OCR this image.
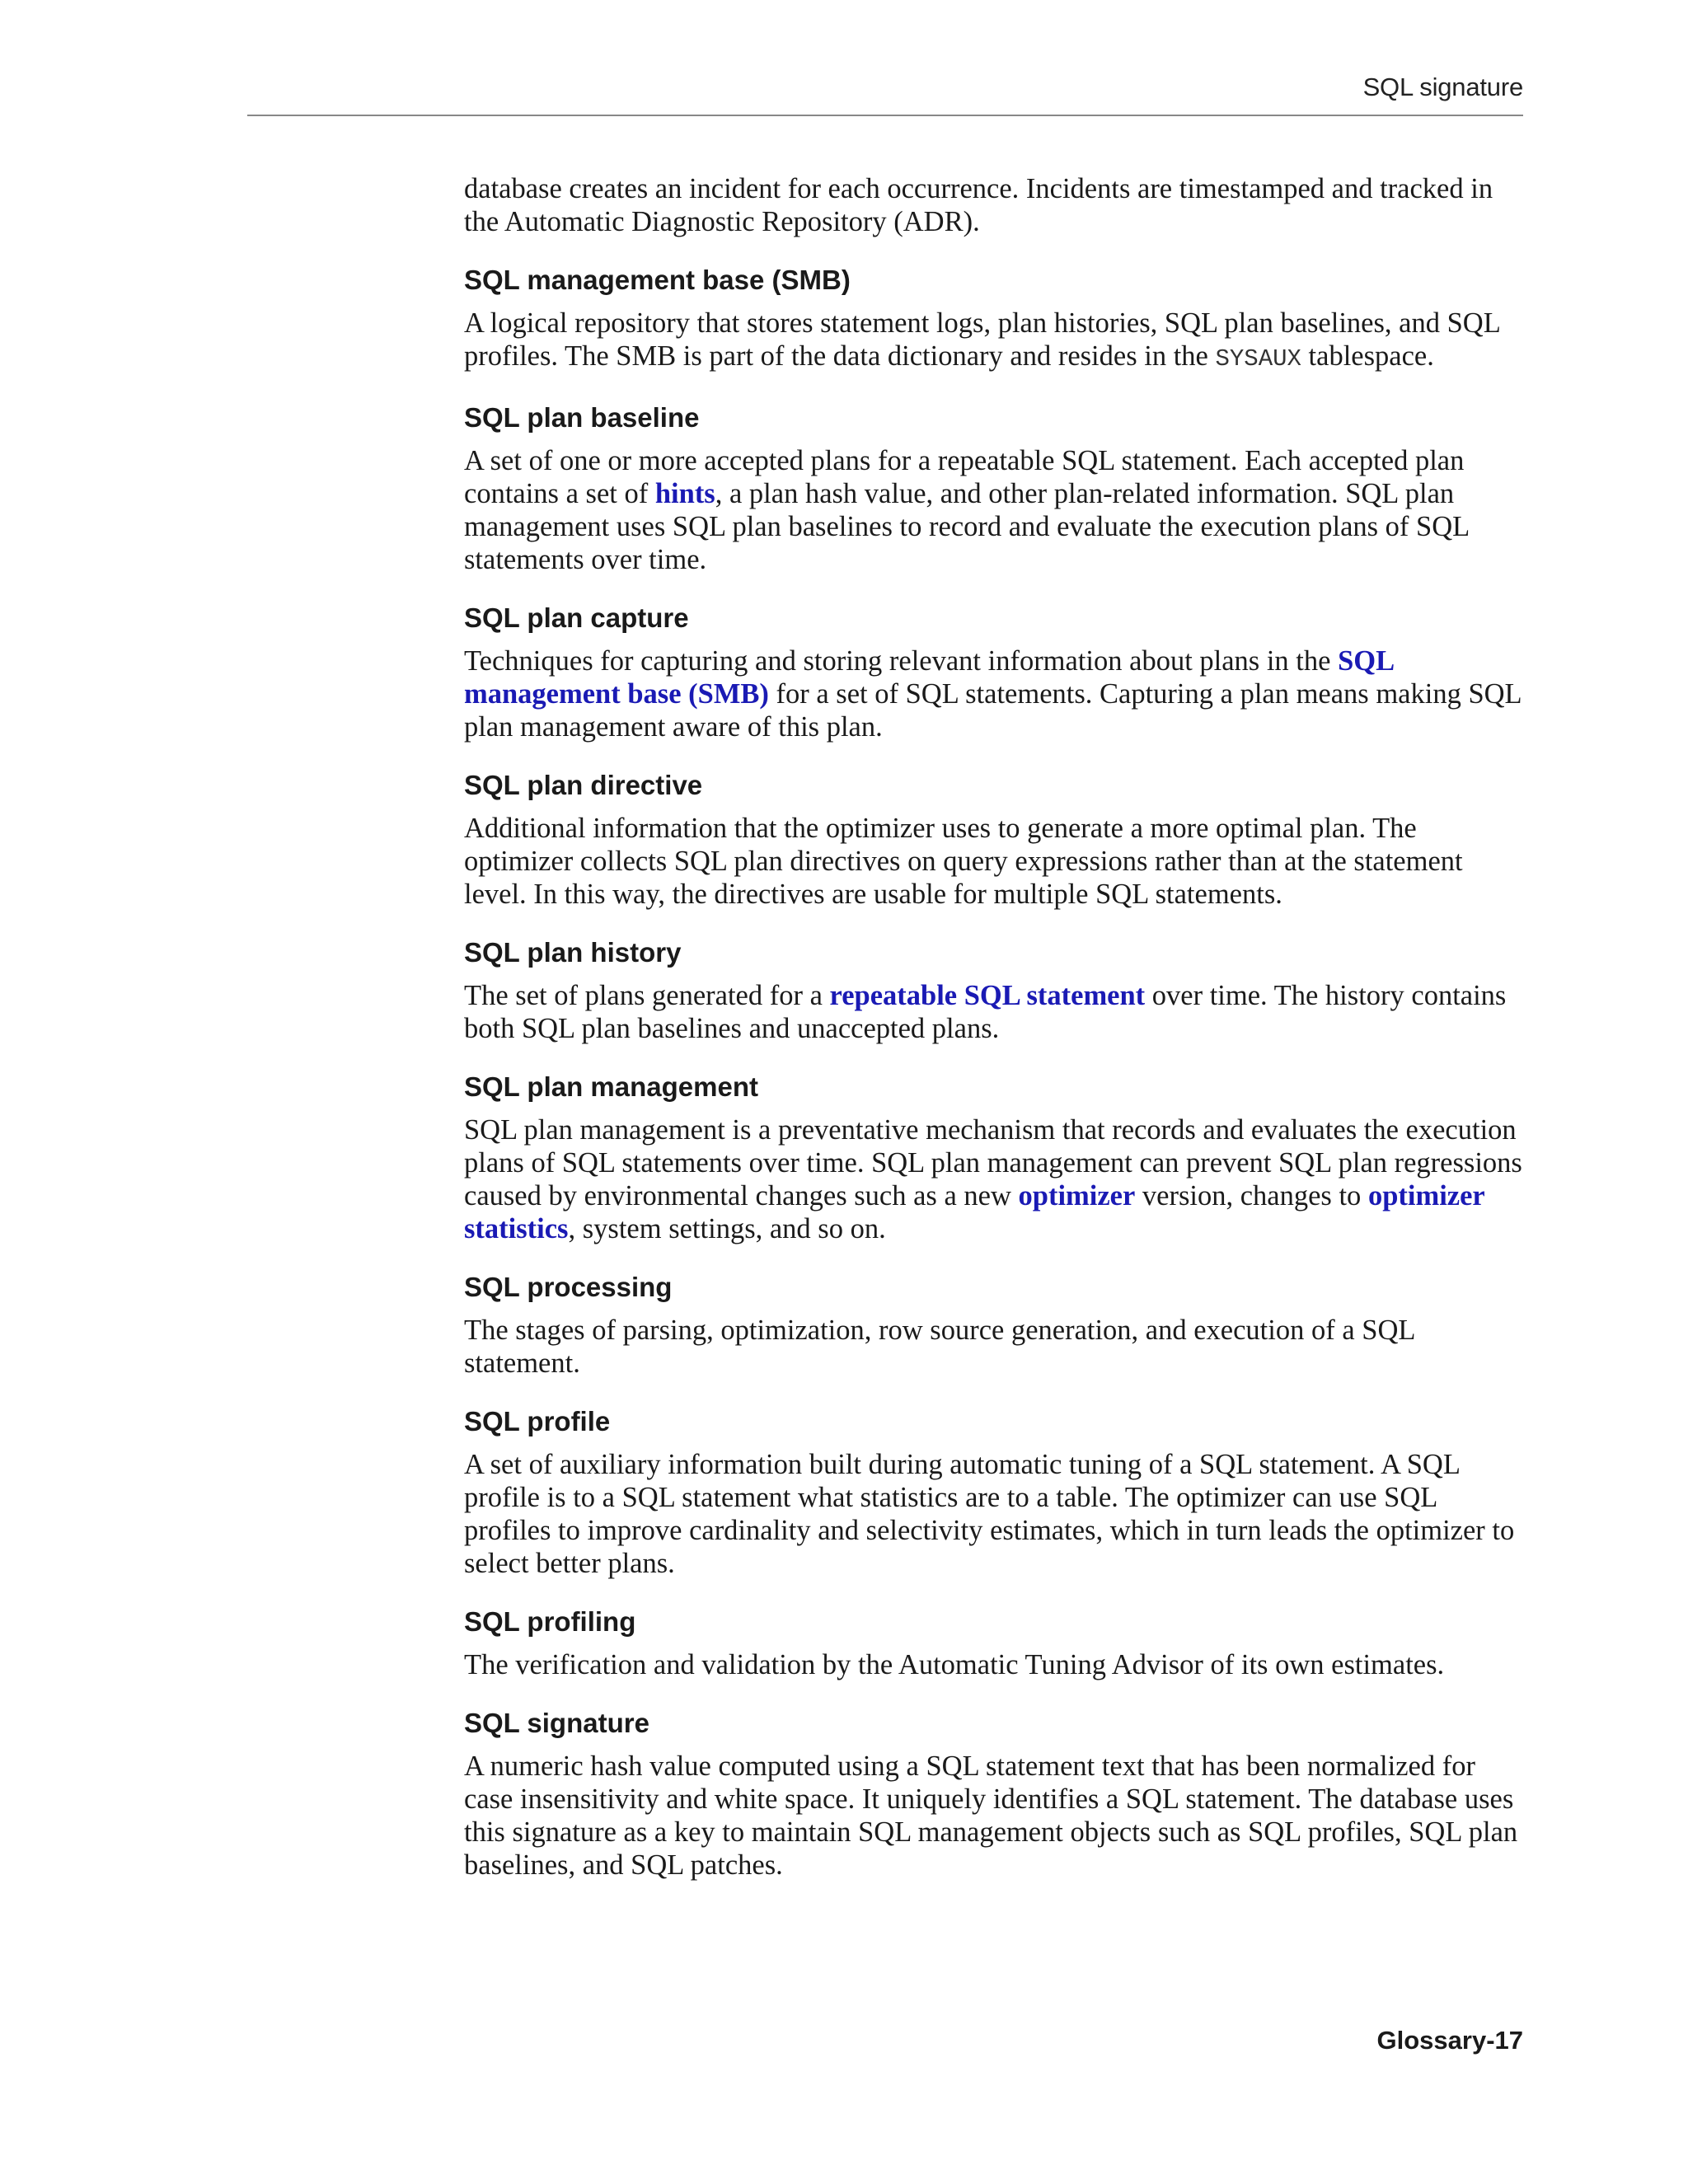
SQL signature

database creates an incident for each occurrence. Incidents are timestamped and tracked in the Automatic Diagnostic Repository (ADR).

SQL management base (SMB)

A logical repository that stores statement logs, plan histories, SQL plan baselines, and SQL profiles. The SMB is part of the data dictionary and resides in the SYSAUX tablespace.

SQL plan baseline

A set of one or more accepted plans for a repeatable SQL statement. Each accepted plan contains a set of hints, a plan hash value, and other plan-related information. SQL plan management uses SQL plan baselines to record and evaluate the execution plans of SQL statements over time.

SQL plan capture

Techniques for capturing and storing relevant information about plans in the SQL management base (SMB) for a set of SQL statements. Capturing a plan means making SQL plan management aware of this plan.

SQL plan directive

Additional information that the optimizer uses to generate a more optimal plan. The optimizer collects SQL plan directives on query expressions rather than at the statement level. In this way, the directives are usable for multiple SQL statements.

SQL plan history

The set of plans generated for a repeatable SQL statement over time. The history contains both SQL plan baselines and unaccepted plans.

SQL plan management

SQL plan management is a preventative mechanism that records and evaluates the execution plans of SQL statements over time. SQL plan management can prevent SQL plan regressions caused by environmental changes such as a new optimizer version, changes to optimizer statistics, system settings, and so on.

SQL processing

The stages of parsing, optimization, row source generation, and execution of a SQL statement.

SQL profile

A set of auxiliary information built during automatic tuning of a SQL statement. A SQL profile is to a SQL statement what statistics are to a table. The optimizer can use SQL profiles to improve cardinality and selectivity estimates, which in turn leads the optimizer to select better plans.

SQL profiling

The verification and validation by the Automatic Tuning Advisor of its own estimates.

SQL signature

A numeric hash value computed using a SQL statement text that has been normalized for case insensitivity and white space. It uniquely identifies a SQL statement. The database uses this signature as a key to maintain SQL management objects such as SQL profiles, SQL plan baselines, and SQL patches.

Glossary-17
